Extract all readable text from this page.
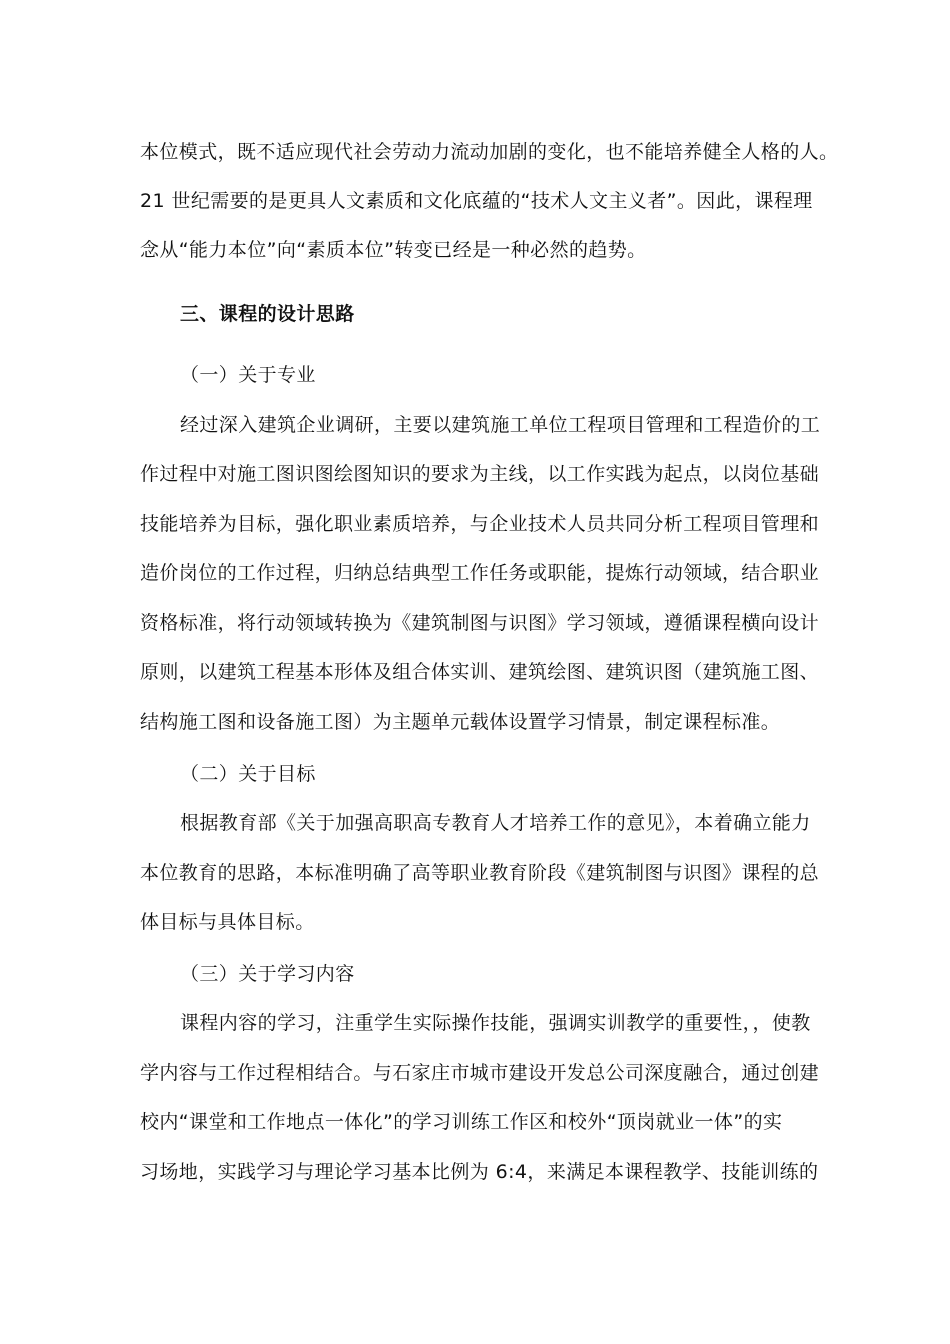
本位模式，既不适应现代社会劳动力流动加剧的变化，也不能培养健全人格的人。
21 世纪需要的是更具人文素质和文化底蕴的“技术人文主义者”。因此，课程理
念从“能力本位”向“素质本位”转变已经是一种必然的趋势。
三、课程的设计思路
（一）关于专业
经过深入建筑企业调研，主要以建筑施工单位工程项目管理和工程造价的工
作过程中对施工图识图绘图知识的要求为主线，以工作实践为起点，以岗位基础
技能培养为目标，强化职业素质培养，与企业技术人员共同分析工程项目管理和
造价岗位的工作过程，归纳总结典型工作任务或职能，提炼行动领域，结合职业
资格标准，将行动领域转换为《建筑制图与识图》学习领域，遵循课程横向设计
原则，以建筑工程基本形体及组合体实训、建筑绘图、建筑识图（建筑施工图、
结构施工图和设备施工图）为主题单元载体设置学习情景，制定课程标准。
（二）关于目标
根据教育部《关于加强高职高专教育人才培养工作的意见》，本着确立能力
本位教育的思路，本标准明确了高等职业教育阶段《建筑制图与识图》课程的总
体目标与具体目标。
（三）关于学习内容
课程内容的学习，注重学生实际操作技能，强调实训教学的重要性，，使教
学内容与工作过程相结合。与石家庄市城市建设开发总公司深度融合，通过创建
校内“课堂和工作地点一体化”的学习训练工作区和校外“顶岗就业一体”的实
习场地，实践学习与理论学习基本比例为 6:4，来满足本课程教学、技能训练的
